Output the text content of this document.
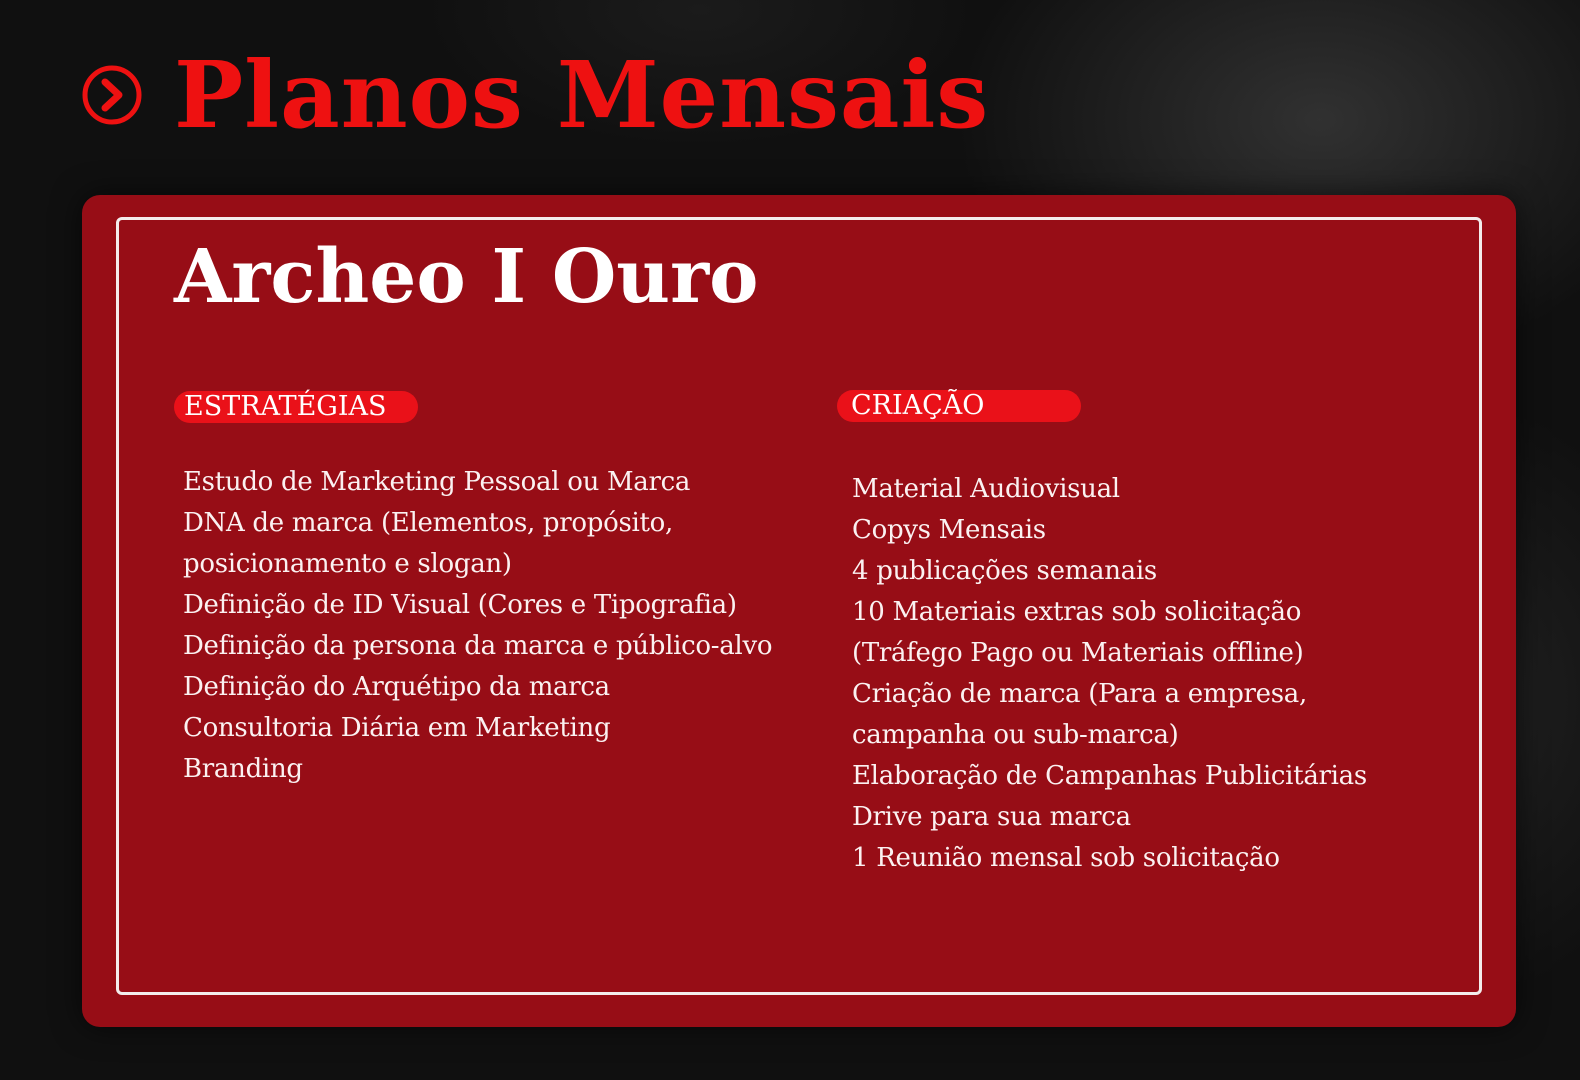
Planos Mensais
Archeo I Ouro
ESTRATÉGIAS
Estudo de Marketing Pessoal ou Marca
DNA de marca (Elementos, propósito,
posicionamento e slogan)
Definição de ID Visual (Cores e Tipografia)
Definição da persona da marca e público-alvo
Definição do Arquétipo da marca
Consultoria Diária em Marketing
Branding
CRIAÇÃO
Material Audiovisual
Copys Mensais
4 publicações semanais
10 Materiais extras sob solicitação
(Tráfego Pago ou Materiais offline)
Criação de marca (Para a empresa,
campanha ou sub-marca)
Elaboração de Campanhas Publicitárias
Drive para sua marca
1 Reunião mensal sob solicitação
